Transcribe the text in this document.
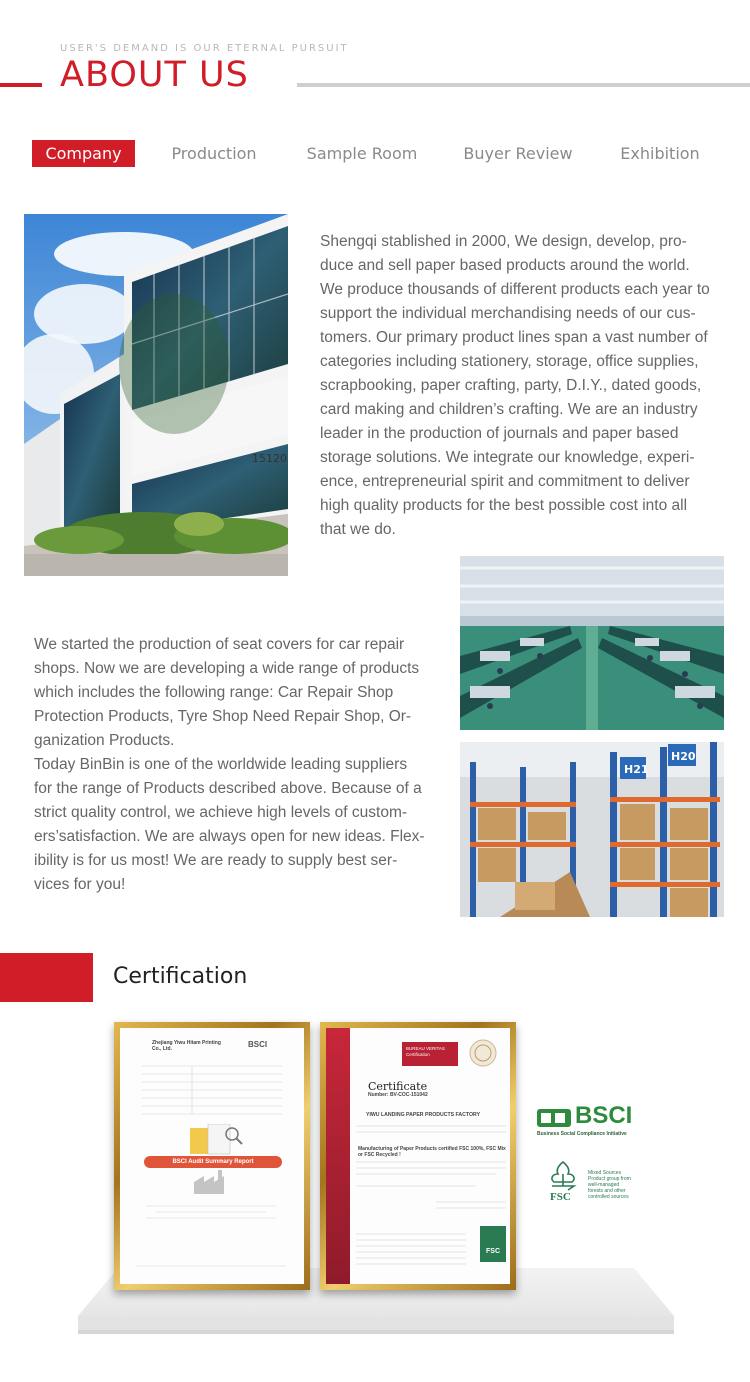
USER'S DEMAND IS OUR ETERNAL PURSUIT
ABOUT US
Company	Production	Sample Room	Buyer Review	Exhibition
15120
Shengqi stablished in 2000, We design, develop, pro-
duce and sell paper based products around the world.
We produce thousands of different products each year to
support the individual merchandising needs of our cus-
tomers. Our primary product lines span a vast number of
categories including stationery, storage, office supplies,
scrapbooking, paper crafting, party, D.I.Y., dated goods,
card making and children’s crafting. We are an industry
leader in the production of journals and paper based
storage solutions. We integrate our knowledge, experi-
ence, entrepreneurial spirit and commitment to deliver
high quality products for the best possible cost into all
that we do.
H21
H20
We started the production of seat covers for car repair
shops. Now we are developing a wide range of products
which includes the following range: Car Repair Shop
Protection Products, Tyre Shop Need Repair Shop, Or-
ganization Products.
Today BinBin is one of the worldwide leading suppliers
for the range of Products described above. Because of a
strict quality control, we achieve high levels of custom-
ers’satisfaction. We are always open for new ideas. Flex-
ibility is for us most! We are ready to supply best ser-
vices for you!
Certification
Zhejiang Yiwu Hitam Printing Co., Ltd.	BSCI
BSCI Audit Summary Report
BUREAU VERITAS Certification
Certificate
Number: BV-COC-151042
YIWU LANDING PAPER PRODUCTS FACTORY
Manufacturing of Paper Products certified FSC 100%, FSC Mix or FSC Recycled !
FSC
BSCI
Business Social Compliance Initiative
FSC
Mixed Sources
Product group from
well-managed
forests and other
controlled sources
